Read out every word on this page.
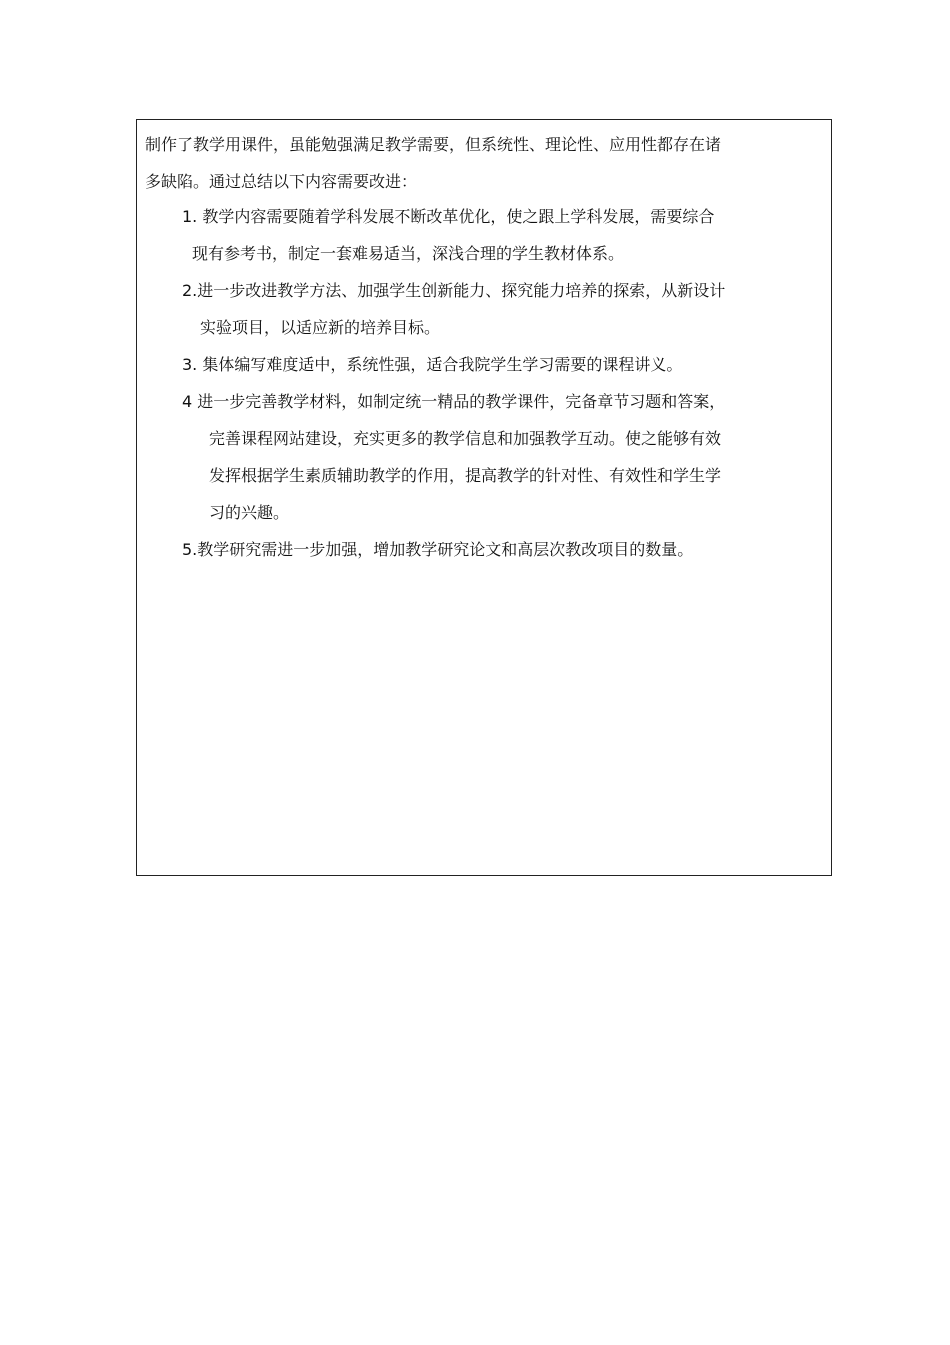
制作了教学用课件，虽能勉强满足教学需要，但系统性、理论性、应用性都存在诸
多缺陷。通过总结以下内容需要改进：

1. 教学内容需要随着学科发展不断改革优化，使之跟上学科发展，需要综合
现有参考书，制定一套难易适当，深浅合理的学生教材体系。
2.进一步改进教学方法、加强学生创新能力、探究能力培养的探索，从新设计
实验项目，以适应新的培养目标。
3. 集体编写难度适中，系统性强，适合我院学生学习需要的课程讲义。
4 进一步完善教学材料，如制定统一精品的教学课件，完备章节习题和答案，
完善课程网站建设，充实更多的教学信息和加强教学互动。使之能够有效
发挥根据学生素质辅助教学的作用，提高教学的针对性、有效性和学生学
习的兴趣。
5.教学研究需进一步加强，增加教学研究论文和高层次教改项目的数量。
